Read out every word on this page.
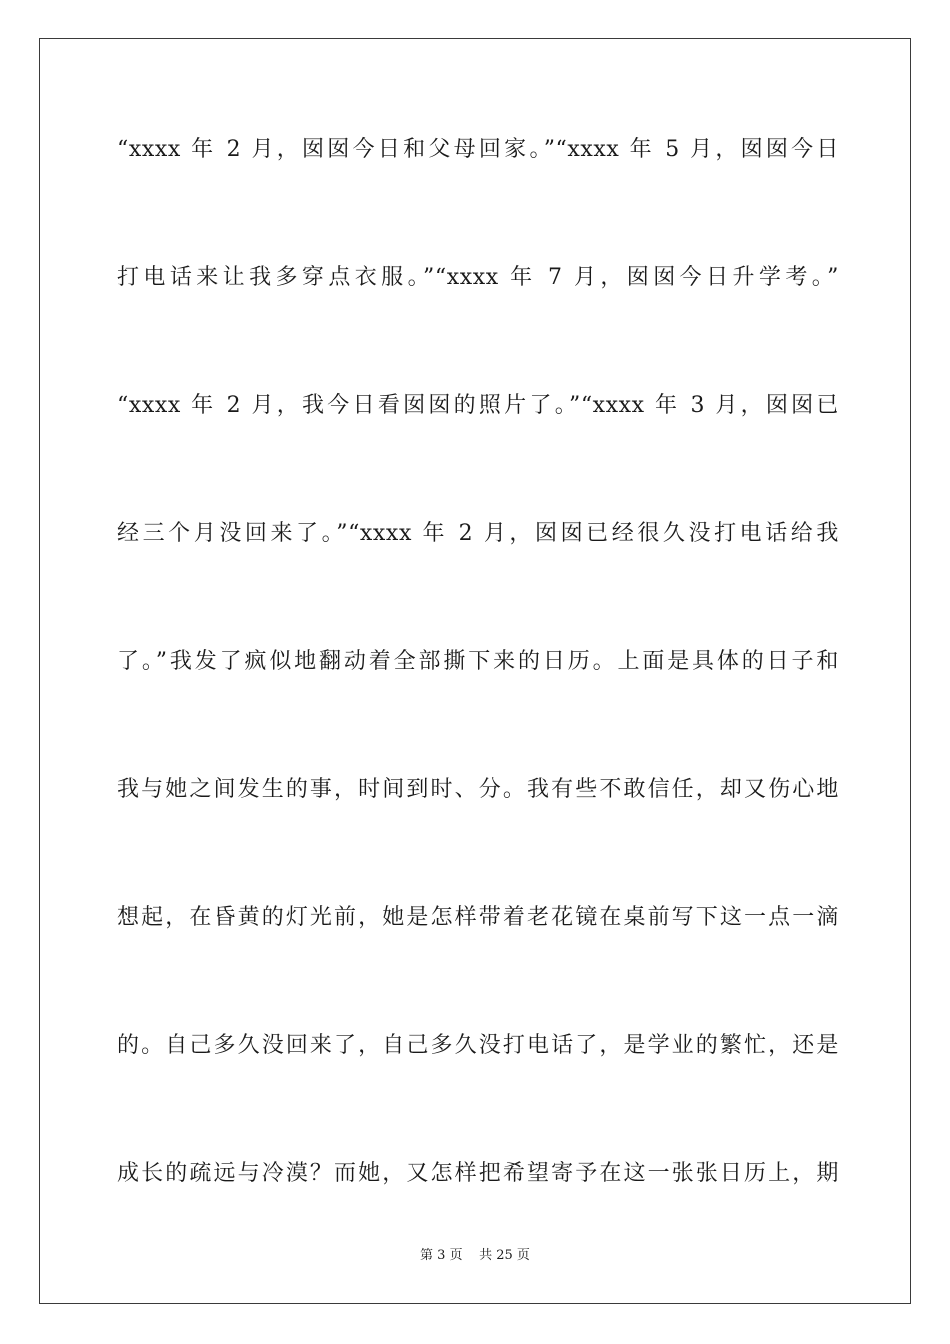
“xxxx 年 2 月，囡囡今日和父母回家。”“xxxx 年 5 月，囡囡今日
打电话来让我多穿点衣服。”“xxxx 年 7 月，囡囡今日升学考。”
“xxxx 年 2 月，我今日看囡囡的照片了。”“xxxx 年 3 月，囡囡已
经三个月没回来了。”“xxxx 年 2 月，囡囡已经很久没打电话给我
了。”我发了疯似地翻动着全部撕下来的日历。上面是具体的日子和
我与她之间发生的事，时间到时、分。我有些不敢信任，却又伤心地
想起，在昏黄的灯光前，她是怎样带着老花镜在桌前写下这一点一滴
的。自己多久没回来了，自己多久没打电话了，是学业的繁忙，还是
成长的疏远与冷漠？而她，又怎样把希望寄予在这一张张日历上，期
第 3 页 共 25 页
